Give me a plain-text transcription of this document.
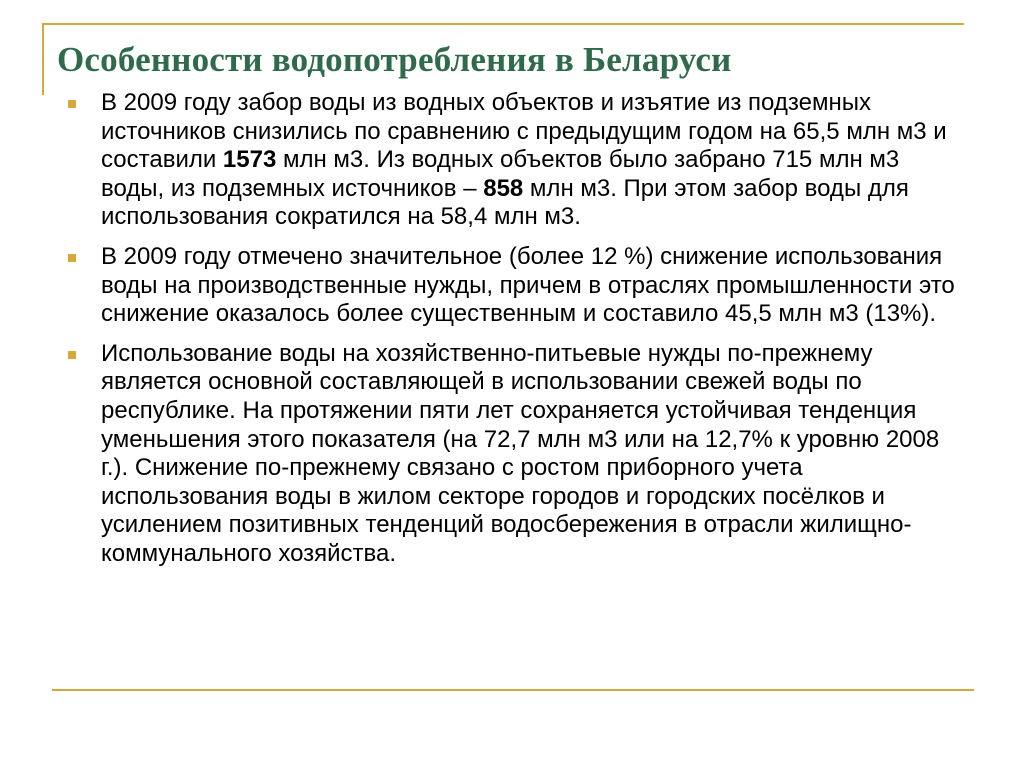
Особенности водопотребления в Беларуси
В 2009 году забор воды из водных объектов и изъятие из подземных источников снизились по сравнению с предыдущим годом на 65,5 млн м3 и составили 1573 млн м3. Из водных объектов было забрано 715 млн м3 воды, из подземных источников – 858 млн м3. При этом забор воды для использования сократился на 58,4 млн м3.
В 2009 году отмечено значительное (более 12 %) снижение использования воды на производственные нужды, причем в отраслях промышленности это снижение оказалось более существенным и составило 45,5 млн м3 (13%).
Использование воды на хозяйственно-питьевые нужды по-прежнему является основной составляющей в использовании свежей воды по республике. На протяжении пяти лет сохраняется устойчивая тенденция уменьшения этого показателя (на 72,7 млн м3 или на 12,7% к уровню 2008 г.). Снижение по-прежнему связано с ростом приборного учета использования воды в жилом секторе городов и городских посёлков и усилением позитивных тенденций водосбережения в отрасли жилищно-коммунального хозяйства.
